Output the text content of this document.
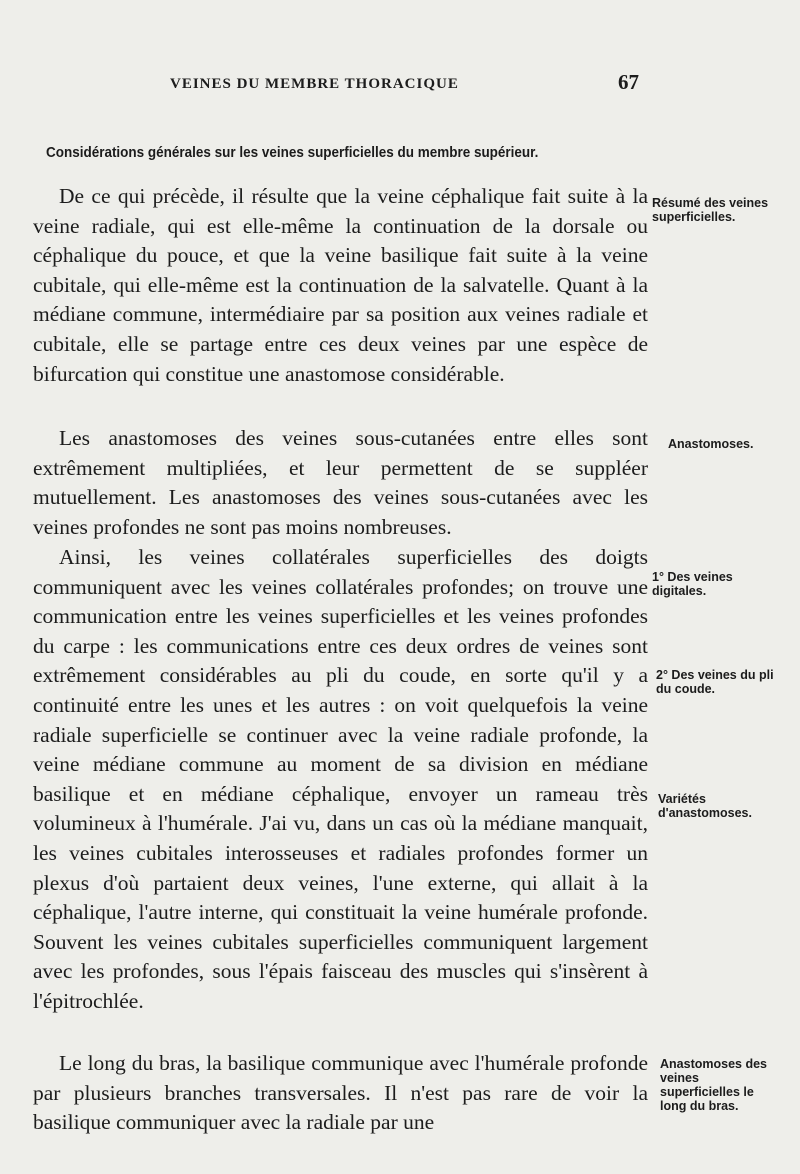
VEINES DU MEMBRE THORACIQUE	67
Considérations générales sur les veines superficielles du membre supérieur.

De ce qui précède, il résulte que la veine céphalique fait suite à la veine radiale, qui est elle-même la continuation de la dorsale ou céphalique du pouce, et que la veine basilique fait suite à la veine cubitale, qui elle-même est la continuation de la salvatelle. Quant à la médiane commune, intermédiaire par sa position aux veines radiale et cubitale, elle se partage entre ces deux veines par une espèce de bifurcation qui constitue une anastomose considérable.

Les anastomoses des veines sous-cutanées entre elles sont extrêmement multipliées, et leur permettent de se suppléer mutuellement. Les anastomoses des veines sous-cutanées avec les veines profondes ne sont pas moins nombreuses.

Ainsi, les veines collatérales superficielles des doigts communiquent avec les veines collatérales profondes; on trouve une communication entre les veines superficielles et les veines profondes du carpe : les communications entre ces deux ordres de veines sont extrêmement considérables au pli du coude, en sorte qu'il y a continuité entre les unes et les autres : on voit quelquefois la veine radiale superficielle se continuer avec la veine radiale profonde, la veine médiane commune au moment de sa division en médiane basilique et en médiane céphalique, envoyer un rameau très volumineux à l'humérale. J'ai vu, dans un cas où la médiane manquait, les veines cubitales interosseuses et radiales profondes former un plexus d'où partaient deux veines, l'une externe, qui allait à la céphalique, l'autre interne, qui constituait la veine humérale profonde. Souvent les veines cubitales superficielles communiquent largement avec les profondes, sous l'épais faisceau des muscles qui s'insèrent à l'épitrochlée.

Le long du bras, la basilique communique avec l'humérale profonde par plusieurs branches transversales. Il n'est pas rare de voir la basilique communiquer avec la radiale par une

Résumé des veines superficielles.
Anastomoses.
1° Des veines digitales.
2° Des veines du pli du coude.
Variétés d'anastomoses.
Anastomoses des veines superficielles le long du bras.
